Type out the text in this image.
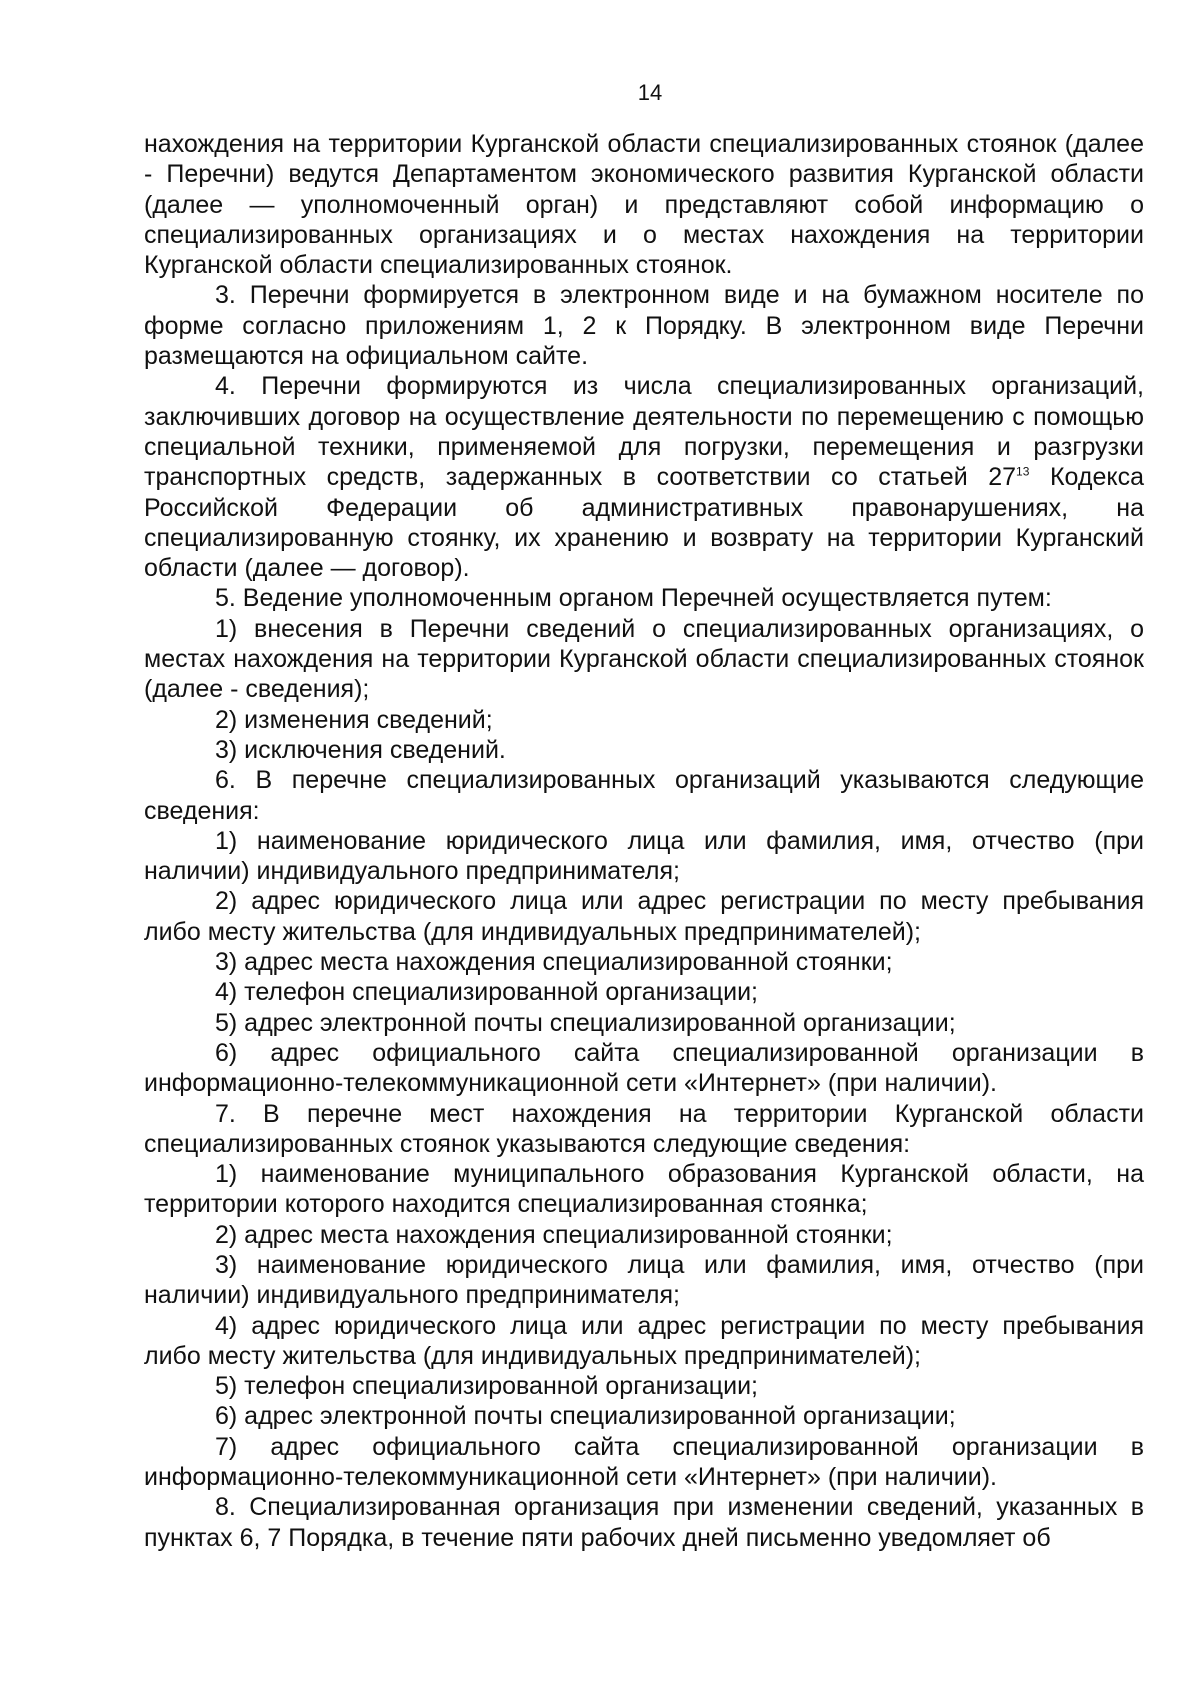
14

нахождения на территории Курганской области специализированных стоянок (далее - Перечни) ведутся Департаментом экономического развития Курганской области (далее — уполномоченный орган) и представляют собой информацию о специализированных организациях и о местах нахождения на территории Курганской области специализированных стоянок.

3. Перечни формируется в электронном виде и на бумажном носителе по форме согласно приложениям 1, 2 к Порядку. В электронном виде Перечни размещаются на официальном сайте.

4. Перечни формируются из числа специализированных организаций, заключивших договор на осуществление деятельности по перемещению с помощью специальной техники, применяемой для погрузки, перемещения и разгрузки транспортных средств, задержанных в соответствии со статьей $27^{13}$ Кодекса Российской Федерации об административных правонарушениях, на специализированную стоянку, их хранению и возврату на территории Курганский области (далее — договор).

5. Ведение уполномоченным органом Перечней осуществляется путем:

1) внесения в Перечни сведений о специализированных организациях, о местах нахождения на территории Курганской области специализированных стоянок (далее - сведения);

2) изменения сведений;

3) исключения сведений.

6. В перечне специализированных организаций указываются следующие сведения:

1) наименование юридического лица или фамилия, имя, отчество (при наличии) индивидуального предпринимателя;

2) адрес юридического лица или адрес регистрации по месту пребывания либо месту жительства (для индивидуальных предпринимателей);

3) адрес места нахождения специализированной стоянки;

4) телефон специализированной организации;

5) адрес электронной почты специализированной организации;

6) адрес официального сайта специализированной организации в информационно-телекоммуникационной сети «Интернет» (при наличии).

7. В перечне мест нахождения на территории Курганской области специализированных стоянок указываются следующие сведения:

1) наименование муниципального образования Курганской области, на территории которого находится специализированная стоянка;

2) адрес места нахождения специализированной стоянки;

3) наименование юридического лица или фамилия, имя, отчество (при наличии) индивидуального предпринимателя;

4) адрес юридического лица или адрес регистрации по месту пребывания либо месту жительства (для индивидуальных предпринимателей);

5) телефон специализированной организации;

6) адрес электронной почты специализированной организации;

7) адрес официального сайта специализированной организации в информационно-телекоммуникационной сети «Интернет» (при наличии).

8. Специализированная организация при изменении сведений, указанных в пунктах 6, 7 Порядка, в течение пяти рабочих дней письменно уведомляет об
